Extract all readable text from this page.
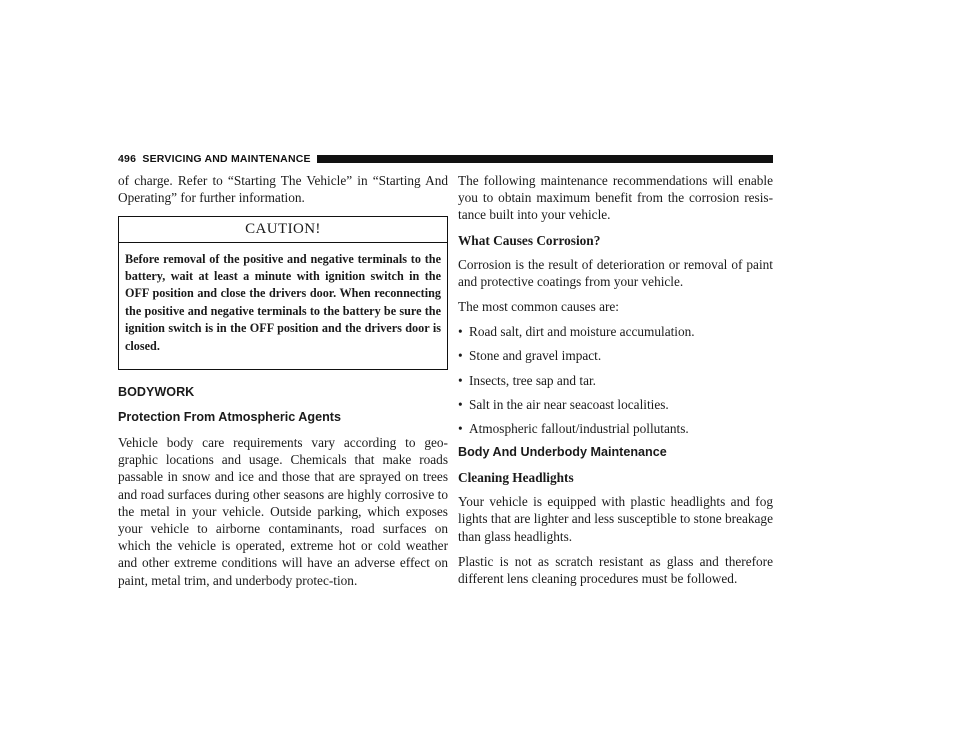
496 SERVICING AND MAINTENANCE

of charge. Refer to “Starting The Vehicle” in “Starting And Operating” for further information.

CAUTION!

Before removal of the positive and negative terminals to the battery, wait at least a minute with ignition switch in the OFF position and close the drivers door. When reconnecting the positive and negative terminals to the battery be sure the ignition switch is in the OFF position and the drivers door is closed.

BODYWORK
Protection From Atmospheric Agents

Vehicle body care requirements vary according to geo-graphic locations and usage. Chemicals that make roads passable in snow and ice and those that are sprayed on trees and road surfaces during other seasons are highly corrosive to the metal in your vehicle. Outside parking, which exposes your vehicle to airborne contaminants, road surfaces on which the vehicle is operated, extreme hot or cold weather and other extreme conditions will have an adverse effect on paint, metal trim, and underbody protec-tion.

The following maintenance recommendations will enable you to obtain maximum benefit from the corrosion resis-tance built into your vehicle.

What Causes Corrosion?

Corrosion is the result of deterioration or removal of paint and protective coatings from your vehicle.

The most common causes are:

• Road salt, dirt and moisture accumulation.
• Stone and gravel impact.
• Insects, tree sap and tar.
• Salt in the air near seacoast localities.
• Atmospheric fallout/industrial pollutants.
Body And Underbody Maintenance
Cleaning Headlights

Your vehicle is equipped with plastic headlights and fog lights that are lighter and less susceptible to stone breakage than glass headlights.

Plastic is not as scratch resistant as glass and therefore different lens cleaning procedures must be followed.
